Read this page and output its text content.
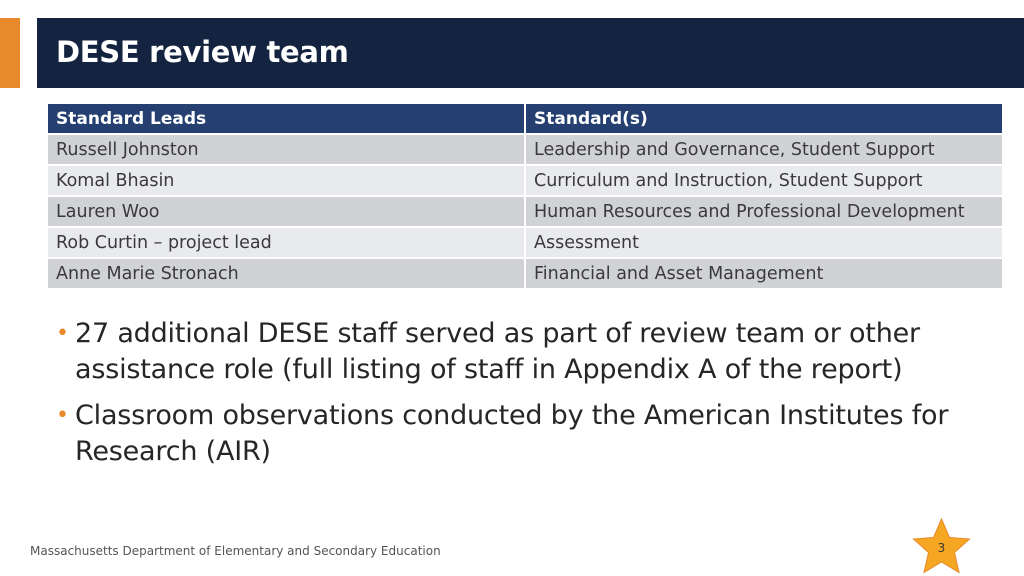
DESE review team
Standard Leads	Standard(s)
Russell Johnston	Leadership and Governance, Student Support
Komal Bhasin	Curriculum and Instruction, Student Support
Lauren Woo	Human Resources and Professional Development
Rob Curtin – project lead	Assessment
Anne Marie Stronach	Financial and Asset Management
• 27 additional DESE staff served as part of review team or other assistance role (full listing of staff in Appendix A of the report)
• Classroom observations conducted by the American Institutes for Research (AIR)
Massachusetts Department of Elementary and Secondary Education	3
